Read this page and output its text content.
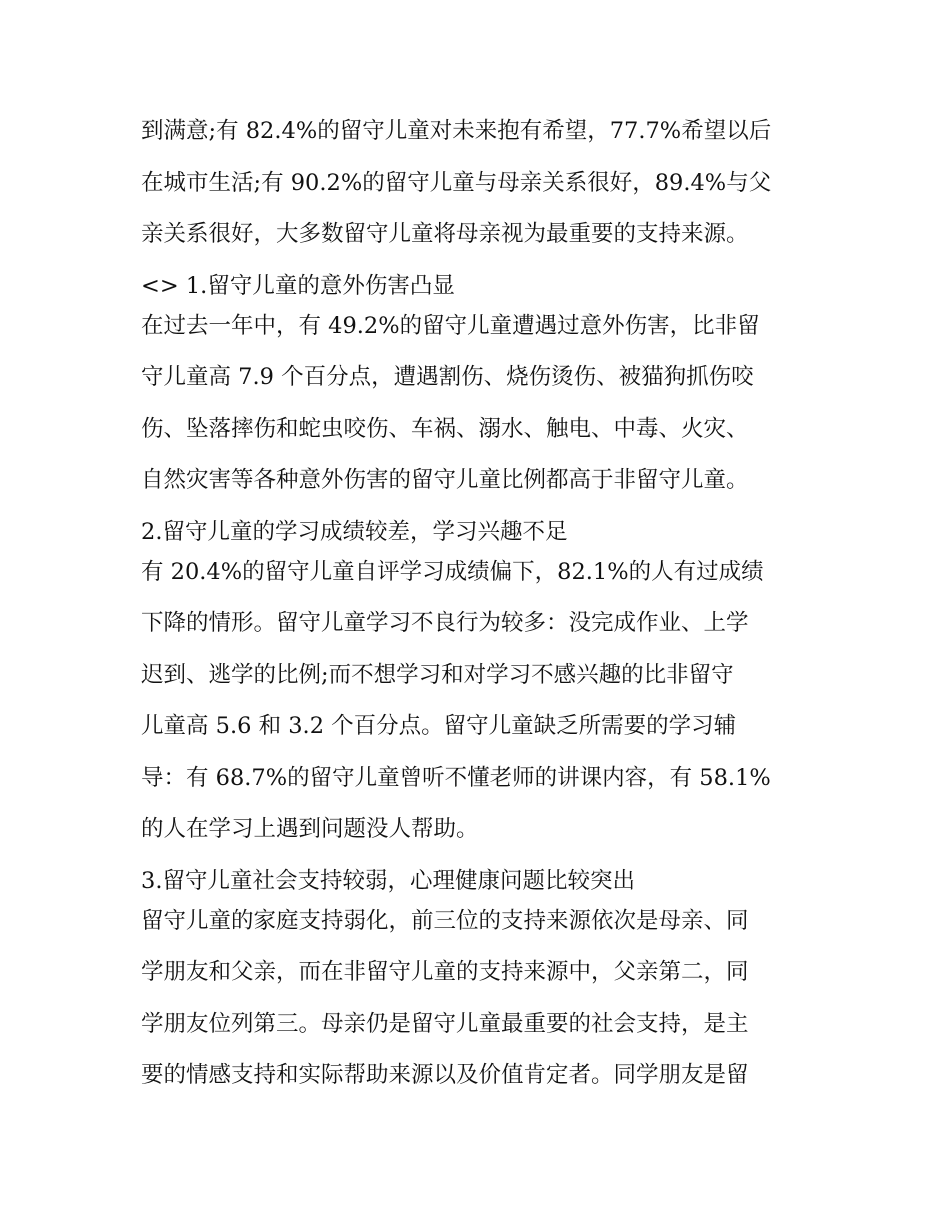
到满意;有 82.4%的留守儿童对未来抱有希望，77.7%希望以后

在城市生活;有 90.2%的留守儿童与母亲关系很好，89.4%与父

亲关系很好，大多数留守儿童将母亲视为最重要的支持来源。

<> 1.留守儿童的意外伤害凸显

在过去一年中，有 49.2%的留守儿童遭遇过意外伤害，比非留

守儿童高 7.9 个百分点，遭遇割伤、烧伤烫伤、被猫狗抓伤咬

伤、坠落摔伤和蛇虫咬伤、车祸、溺水、触电、中毒、火灾、

自然灾害等各种意外伤害的留守儿童比例都高于非留守儿童。

2.留守儿童的学习成绩较差，学习兴趣不足

有 20.4%的留守儿童自评学习成绩偏下，82.1%的人有过成绩

下降的情形。留守儿童学习不良行为较多：没完成作业、上学

迟到、逃学的比例;而不想学习和对学习不感兴趣的比非留守

儿童高 5.6 和 3.2 个百分点。留守儿童缺乏所需要的学习辅

导：有 68.7%的留守儿童曾听不懂老师的讲课内容，有 58.1%

的人在学习上遇到问题没人帮助。

3.留守儿童社会支持较弱，心理健康问题比较突出

留守儿童的家庭支持弱化，前三位的支持来源依次是母亲、同

学朋友和父亲，而在非留守儿童的支持来源中，父亲第二，同

学朋友位列第三。母亲仍是留守儿童最重要的社会支持，是主

要的情感支持和实际帮助来源以及价值肯定者。同学朋友是留
